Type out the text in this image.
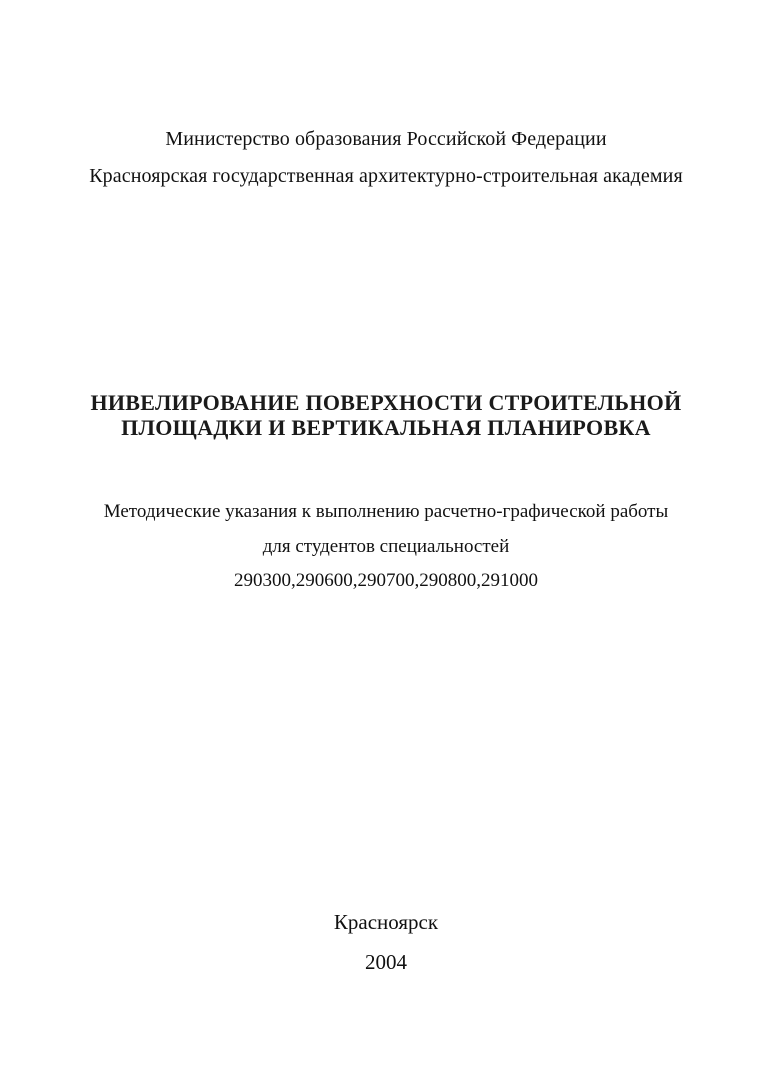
Министерство образования Российской Федерации
Красноярская государственная архитектурно-строительная академия
НИВЕЛИРОВАНИЕ ПОВЕРХНОСТИ СТРОИТЕЛЬНОЙ
ПЛОЩАДКИ И ВЕРТИКАЛЬНАЯ ПЛАНИРОВКА
Методические указания к выполнению расчетно-графической работы
для студентов специальностей
290300,290600,290700,290800,291000
Красноярск
2004
